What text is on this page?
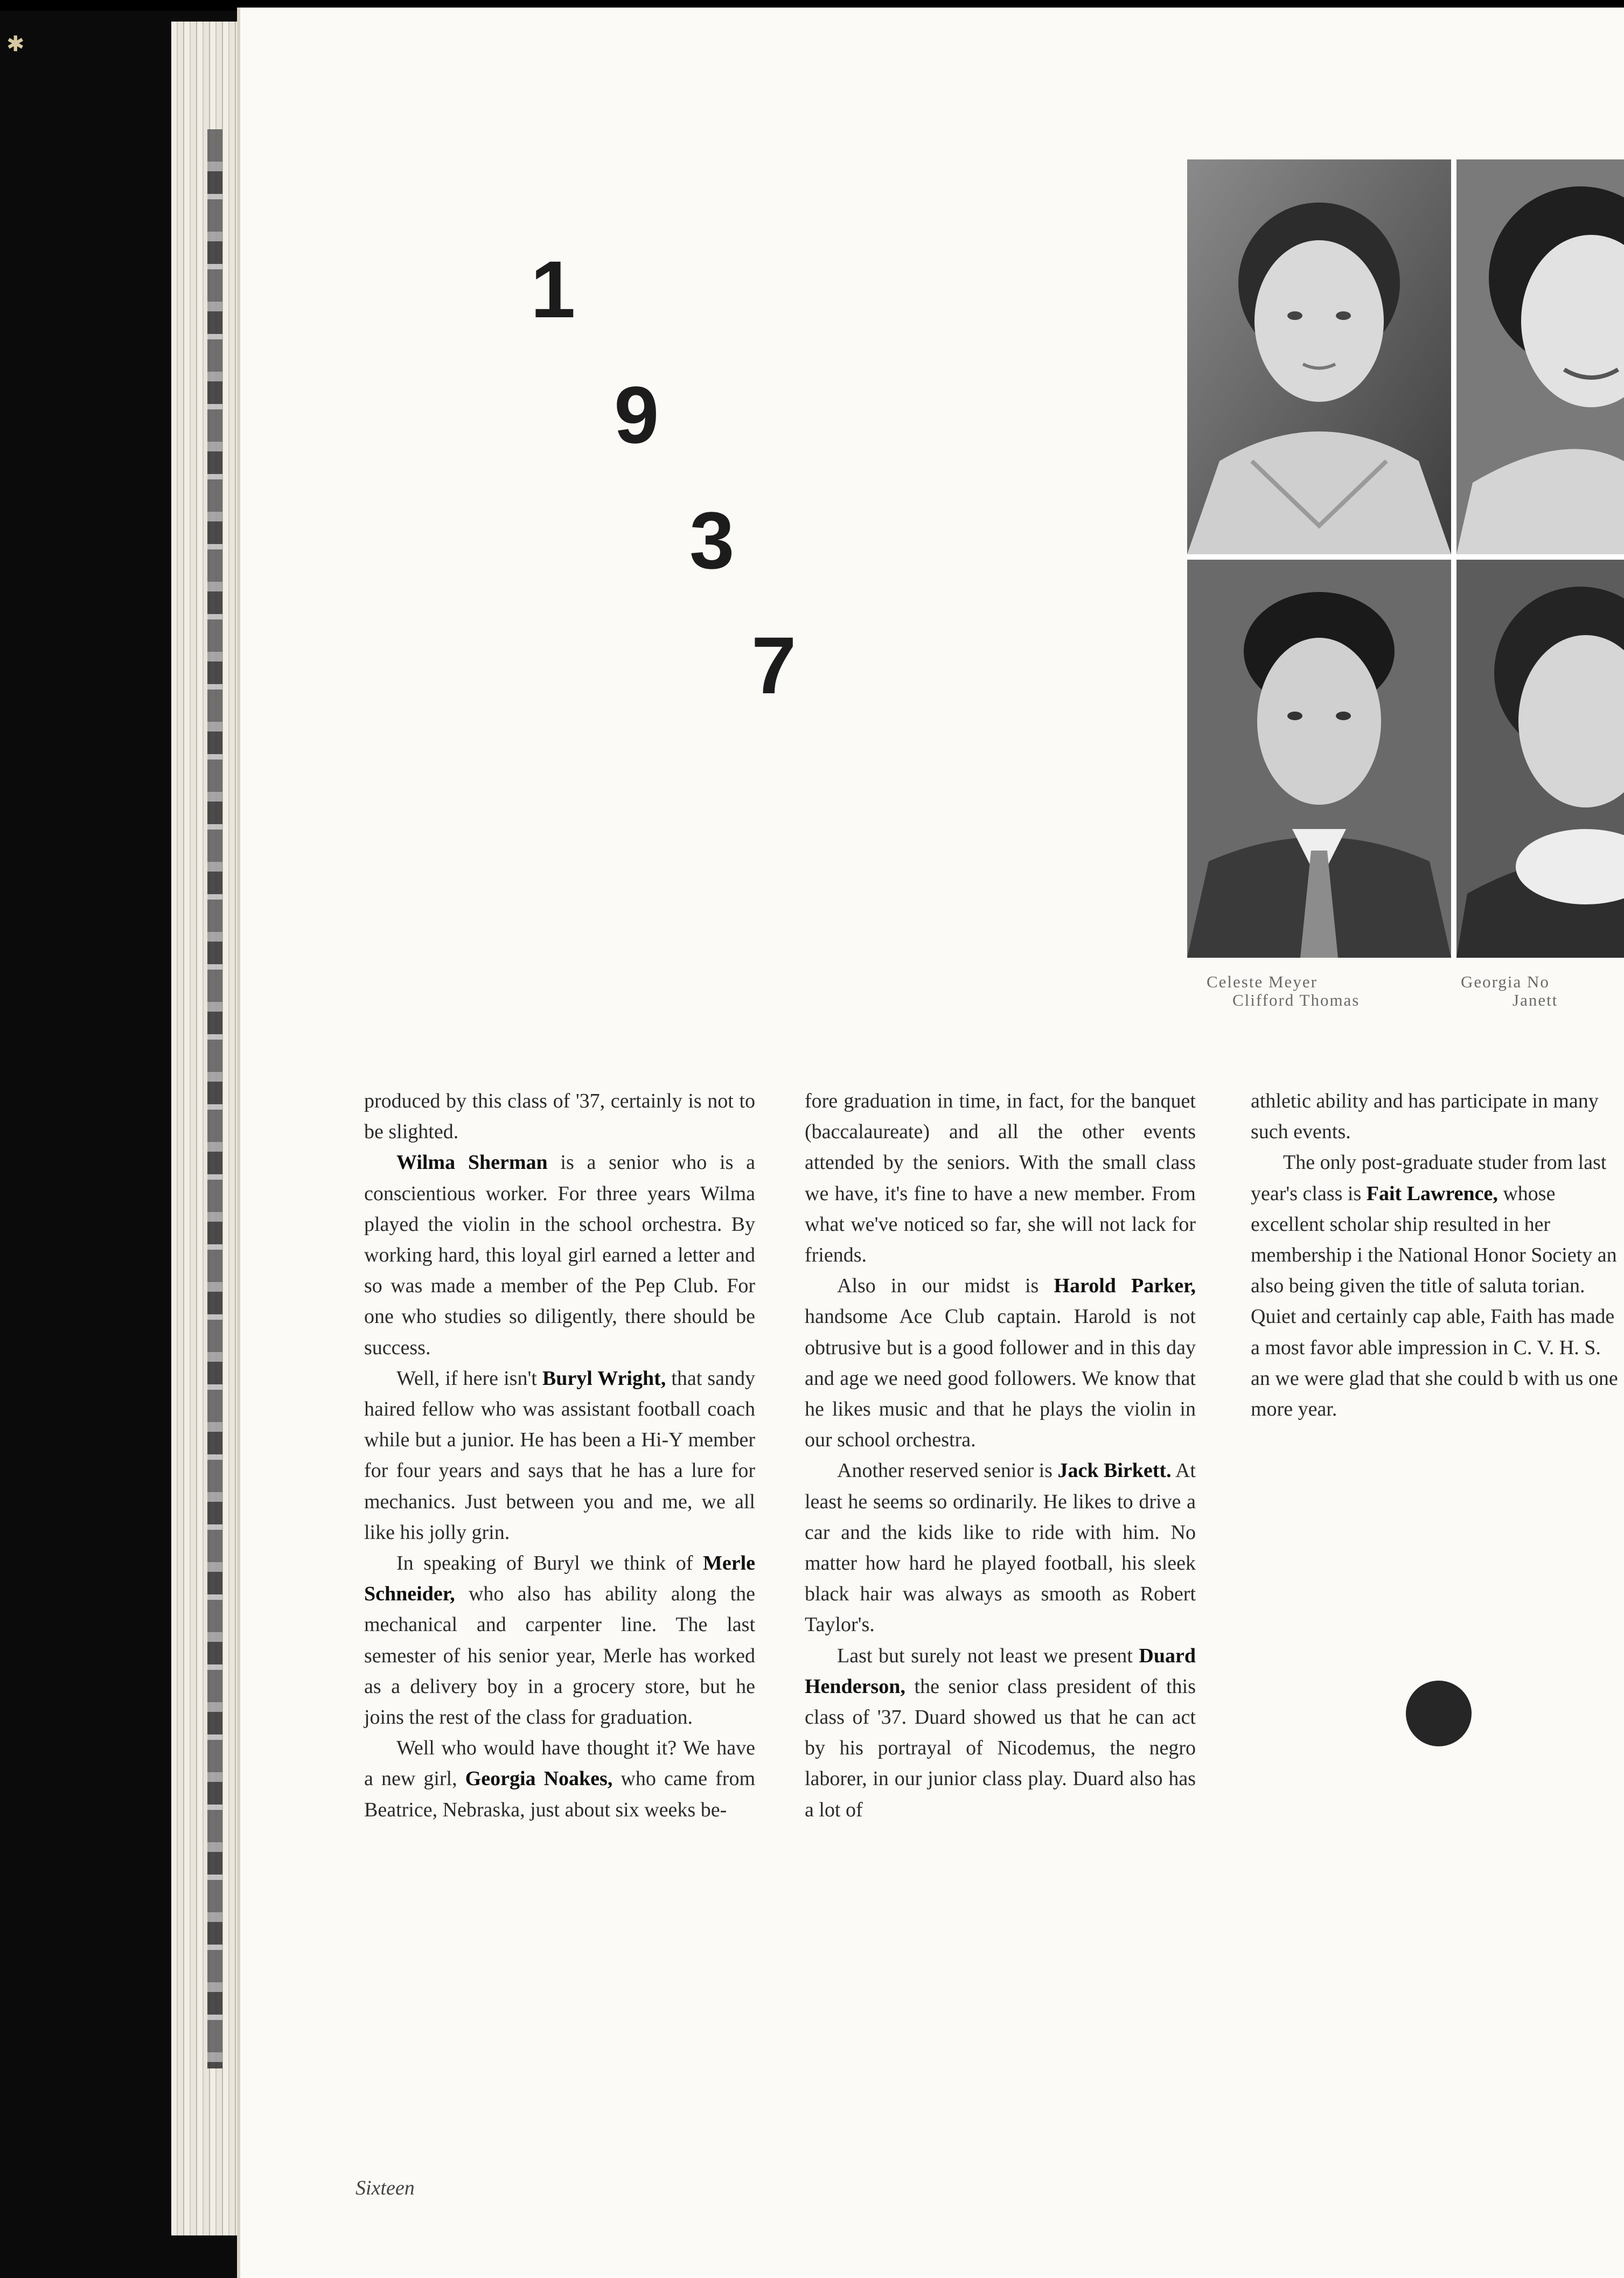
✱
1
9
3
7
Celeste Meyer
Clifford Thomas
Georgia No
Janett

produced by this class of '37, certainly is not to be slighted.

Wilma Sherman is a senior who is a conscientious worker. For three years Wilma played the violin in the school orchestra. By working hard, this loyal girl earned a letter and so was made a member of the Pep Club. For one who studies so diligently, there should be success.

Well, if here isn't Buryl Wright, that sandy haired fellow who was assistant football coach while but a junior. He has been a Hi-Y member for four years and says that he has a lure for mechanics. Just between you and me, we all like his jolly grin.

In speaking of Buryl we think of Merle Schneider, who also has ability along the mechanical and carpenter line. The last semester of his senior year, Merle has worked as a delivery boy in a grocery store, but he joins the rest of the class for graduation.

Well who would have thought it? We have a new girl, Georgia Noakes, who came from Beatrice, Nebraska, just about six weeks be-

fore graduation in time, in fact, for the banquet (baccalaureate) and all the other events attended by the seniors. With the small class we have, it's fine to have a new member. From what we've noticed so far, she will not lack for friends.

Also in our midst is Harold Parker, handsome Ace Club captain. Harold is not obtrusive but is a good follower and in this day and age we need good followers. We know that he likes music and that he plays the violin in our school orchestra.

Another reserved senior is Jack Birkett. At least he seems so ordinarily. He likes to drive a car and the kids like to ride with him. No matter how hard he played football, his sleek black hair was always as smooth as Robert Taylor's.

Last but surely not least we present Duard Henderson, the senior class president of this class of '37. Duard showed us that he can act by his portrayal of Nicodemus, the negro laborer, in our junior class play. Duard also has a lot of

athletic ability and has participate in many such events.

The only post-graduate studer from last year's class is Fait Lawrence, whose excellent scholar ship resulted in her membership i the National Honor Society an also being given the title of saluta torian. Quiet and certainly caр able, Faith has made a most favor able impression in C. V. H. S. an we were glad that she could b with us one more year.

Sixteen
